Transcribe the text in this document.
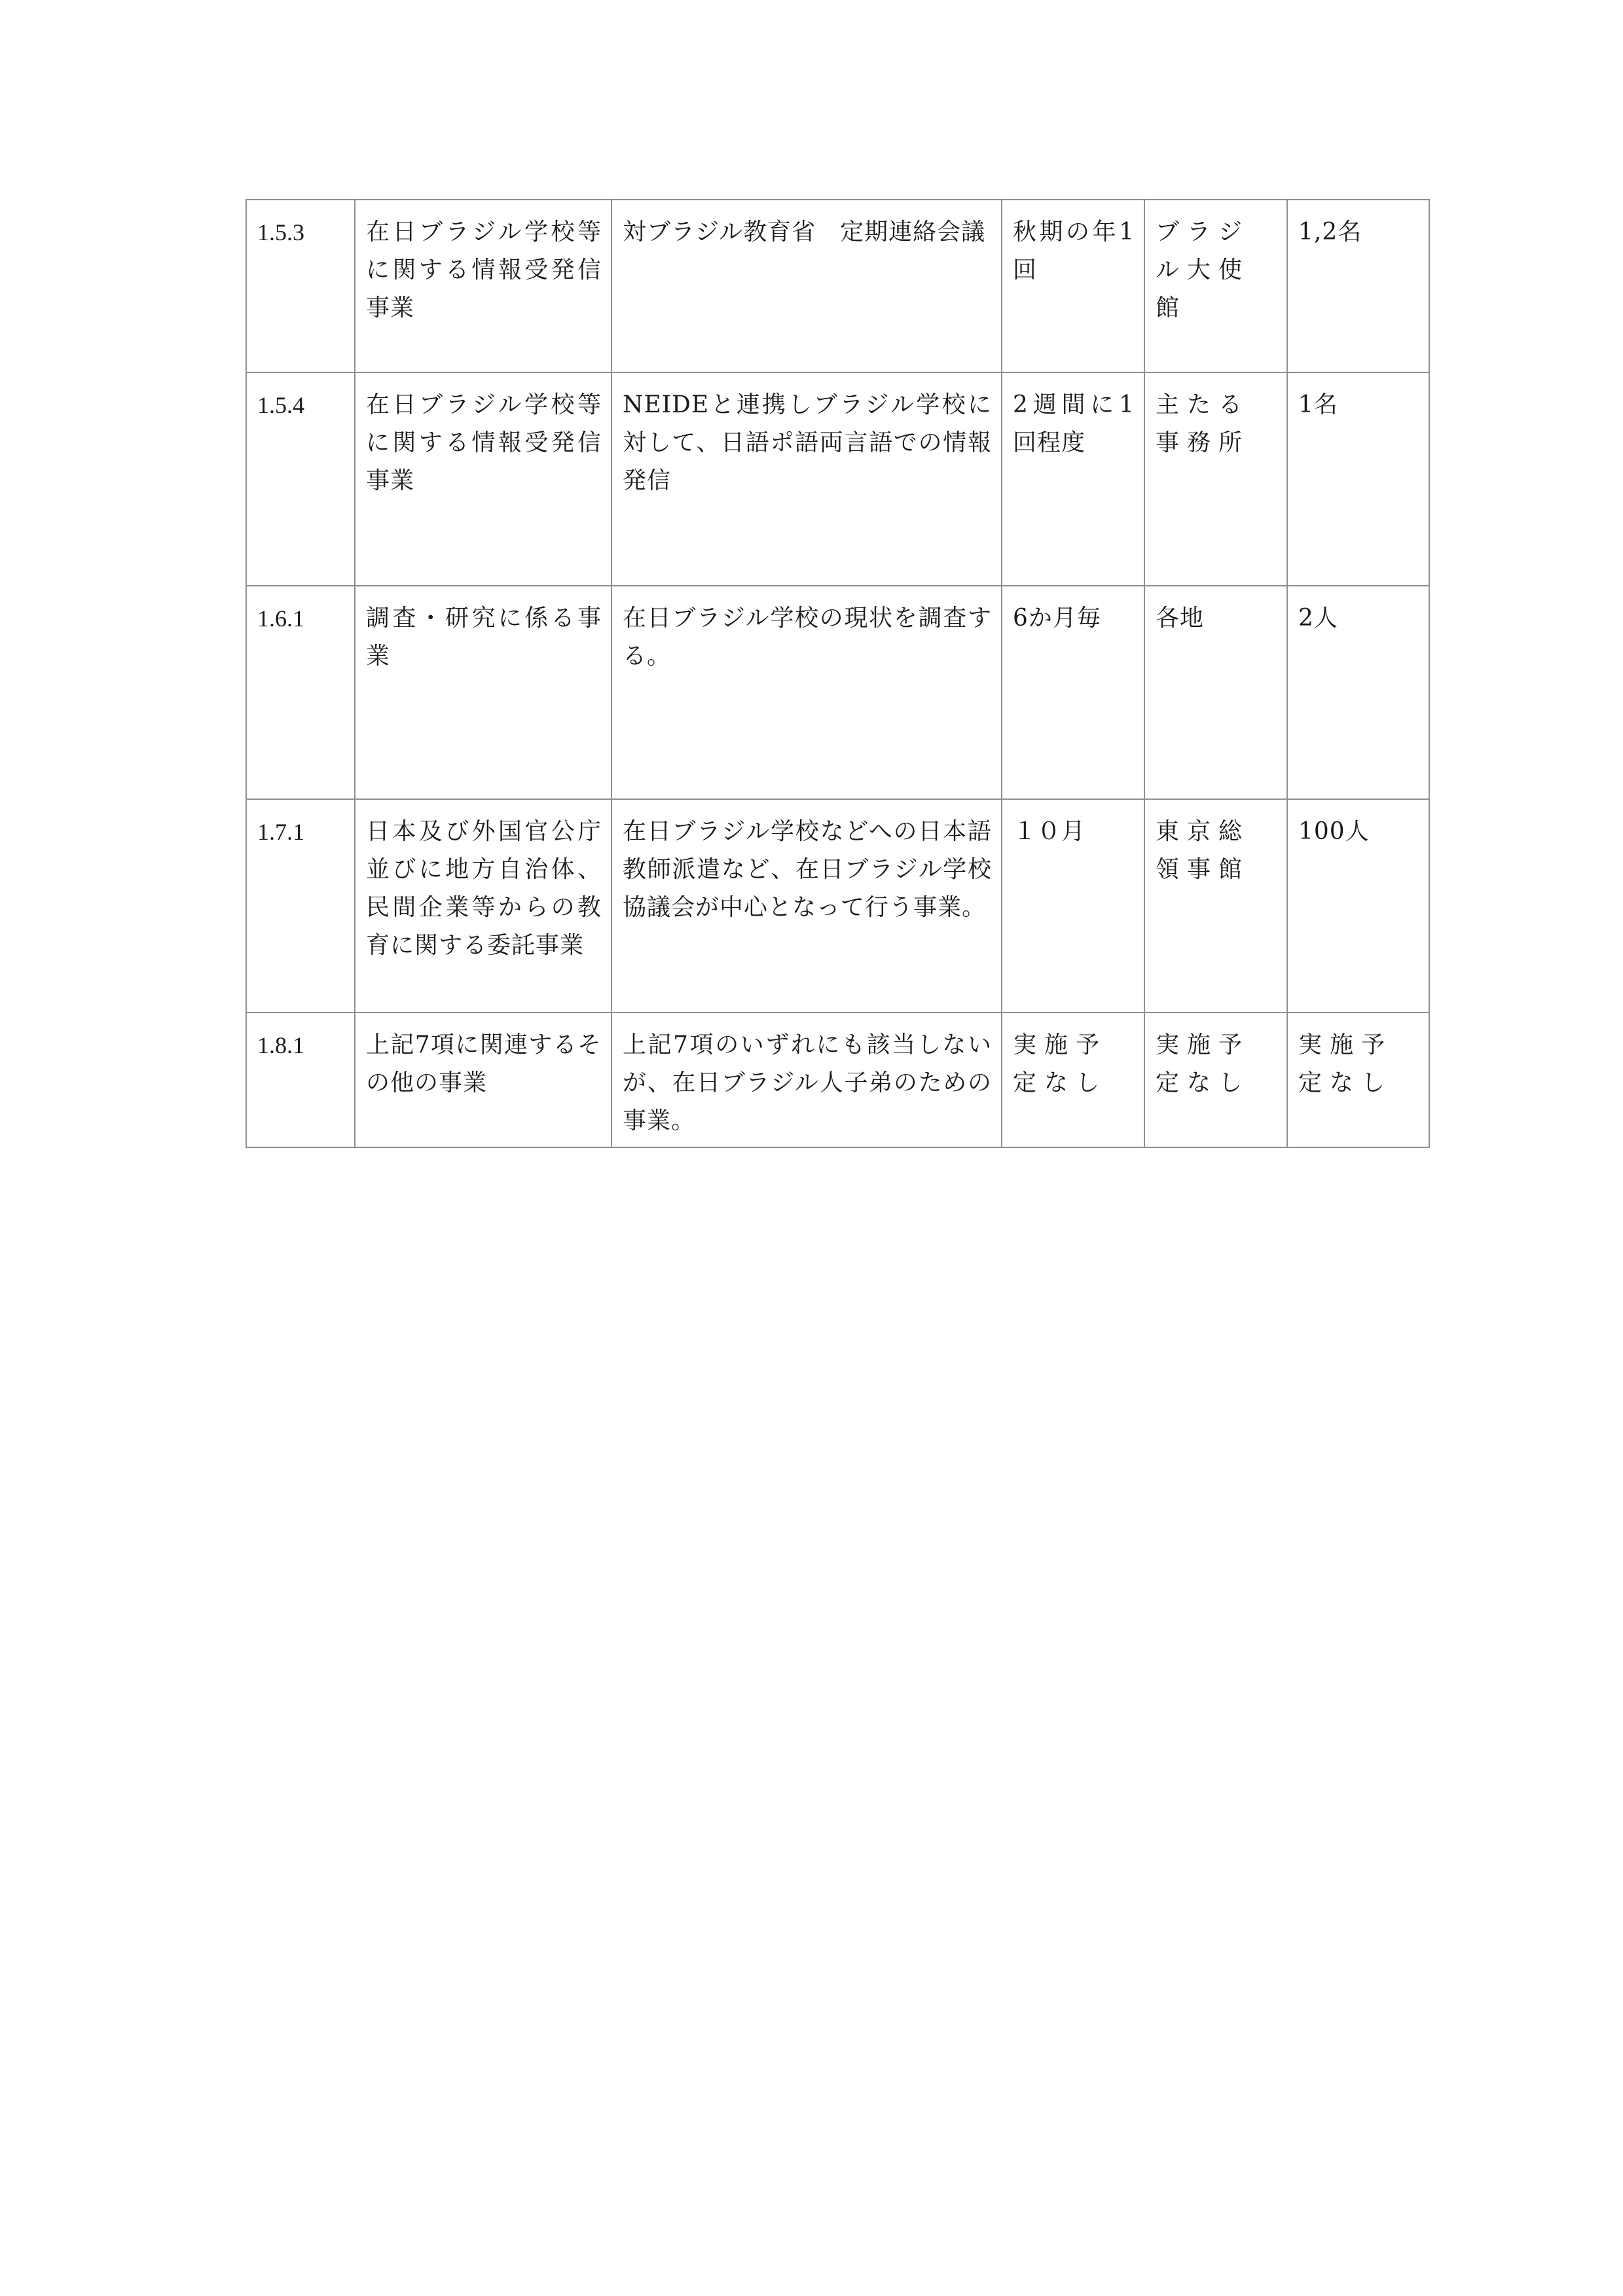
1.5.3	在日ブラジル学校等に関する情報受発信事業	対ブラジル教育省　定期連絡会議	秋期の年1回	ブラジル大使館	1,2名
1.5.4	在日ブラジル学校等に関する情報受発信事業	NEIDEと連携しブラジル学校に対して、日語ポ語両言語での情報発信	2週間に1回程度	主たる事務所	1名
1.6.1	調査・研究に係る事業	在日ブラジル学校の現状を調査する。	6か月毎	各地	2人
1.7.1	日本及び外国官公庁並びに地方自治体、民間企業等からの教育に関する委託事業	在日ブラジル学校などへの日本語教師派遣など、在日ブラジル学校協議会が中心となって行う事業。	１０月	東京総領事館	100人
1.8.1	上記7項に関連するその他の事業	上記7項のいずれにも該当しないが、在日ブラジル人子弟のための事業。	実施予定なし	実施予定なし	実施予定なし
